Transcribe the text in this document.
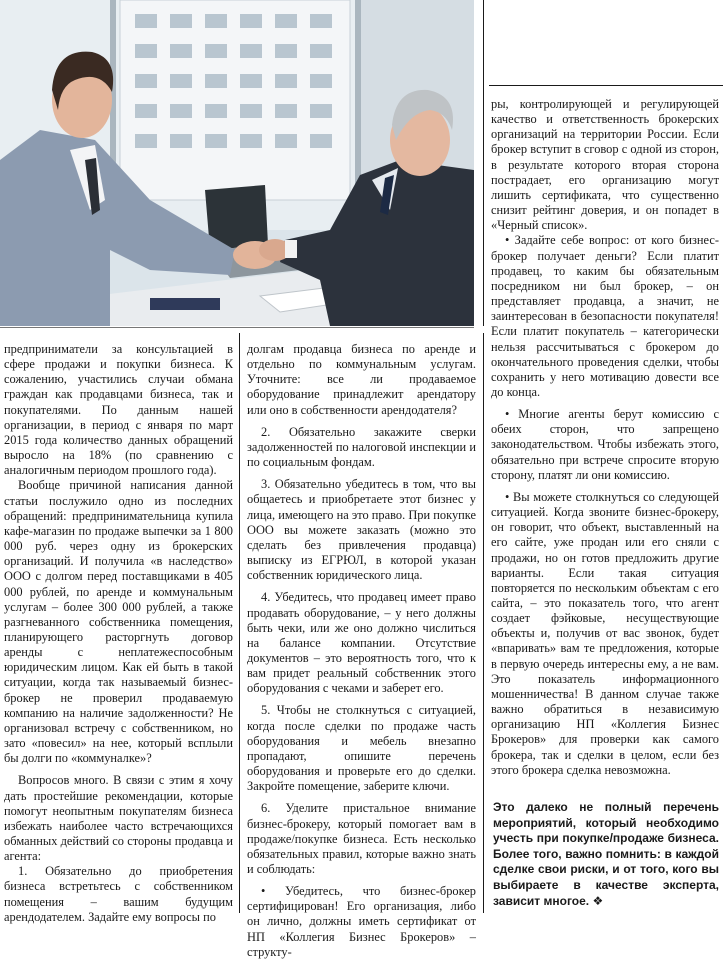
предприниматели за консультацией в сфере продажи и покупки бизнеса. К сожалению, участились случаи обмана граждан как продавцами бизнеса, так и покупателями. По данным нашей организации, в период с января по март 2015 года количество данных обращений выросло на 18% (по сравнению с аналогичным периодом прошлого года).

Вообще причиной написания данной статьи послужило одно из последних обращений: предпринимательница купила кафе-магазин по продаже выпечки за 1 800 000 руб. через одну из брокерских организаций. И получила «в наследство» ООО с долгом перед поставщиками в 405 000 рублей, по аренде и коммунальным услугам – более 300 000 рублей, а также разгневанного собственника помещения, планирующего расторгнуть договор аренды с неплатежеспособным юридическим лицом. Как ей быть в такой ситуации, когда так называемый бизнес-брокер не проверил продаваемую компанию на наличие задолженности? Не организовал встречу с собственником, но зато «повесил» на нее, который всплыли бы долги по «коммуналке»?

Вопросов много. В связи с этим я хочу дать простейшие рекомендации, которые помогут неопытным покупателям бизнеса избежать наиболее часто встречающихся обманных действий со стороны продавца и агента:

1. Обязательно до приобретения бизнеса встретьтесь с собственником помещения – вашим будущим арендодателем. Задайте ему вопросы по

долгам продавца бизнеса по аренде и отдельно по коммунальным услугам. Уточните: все ли продаваемое оборудование принадлежит арендатору или оно в собственности арендодателя?

2. Обязательно закажите сверки задолженностей по налоговой инспекции и по социальным фондам.

3. Обязательно убедитесь в том, что вы общаетесь и приобретаете этот бизнес у лица, имеющего на это право. При покупке ООО вы можете заказать (можно это сделать без привлечения продавца) выписку из ЕГРЮЛ, в которой указан собственник юридического лица.

4. Убедитесь, что продавец имеет право продавать оборудование, – у него должны быть чеки, или же оно должно числиться на балансе компании. Отсутствие документов – это вероятность того, что к вам придет реальный собственник этого оборудования с чеками и заберет его.

5. Чтобы не столкнуться с ситуацией, когда после сделки по продаже часть оборудования и мебель внезапно пропадают, опишите перечень оборудования и проверьте его до сделки. Закройте помещение, заберите ключи.

6. Уделите пристальное внимание бизнес-брокеру, который помогает вам в продаже/покупке бизнеса. Есть несколько обязательных правил, которые важно знать и соблюдать:

• Убедитесь, что бизнес-брокер сертифицирован! Его организация, либо он лично, должны иметь сертификат от НП «Коллегия Бизнес Брокеров» – структу-

ры, контролирующей и регулирующей качество и ответственность брокерских организаций на территории России. Если брокер вступит в сговор с одной из сторон, в результате которого вторая сторона пострадает, его организацию могут лишить сертификата, что существенно снизит рейтинг доверия, и он попадет в «Черный список».

• Задайте себе вопрос: от кого бизнес-брокер получает деньги? Если платит продавец, то каким бы обязательным посредником ни был брокер, – он представляет продавца, а значит, не заинтересован в безопасности покупателя! Если платит покупатель – категорически нельзя рассчитываться с брокером до окончательного проведения сделки, чтобы сохранить у него мотивацию довести все до конца.

• Многие агенты берут комиссию с обеих сторон, что запрещено законодательством. Чтобы избежать этого, обязательно при встрече спросите вторую сторону, платят ли они комиссию.

• Вы можете столкнуться со следующей ситуацией. Когда звоните бизнес-брокеру, он говорит, что объект, выставленный на его сайте, уже продан или его сняли с продажи, но он готов предложить другие варианты. Если такая ситуация повторяется по нескольким объектам с его сайта, – это показатель того, что агент создает фэйковые, несуществующие объекты и, получив от вас звонок, будет «впаривать» вам те предложения, которые в первую очередь интересны ему, а не вам. Это показатель информационного мошенничества! В данном случае также важно обратиться в независимую организацию НП «Коллегия Бизнес Брокеров» для проверки как самого брокера, так и сделки в целом, если без этого брокера сделка невозможна.

Это далеко не полный перечень мероприятий, который необходимо учесть при покупке/продаже бизнеса. Более того, важно помнить: в каждой сделке свои риски, и от того, кого вы выбираете в качестве эксперта, зависит многое. ❖
